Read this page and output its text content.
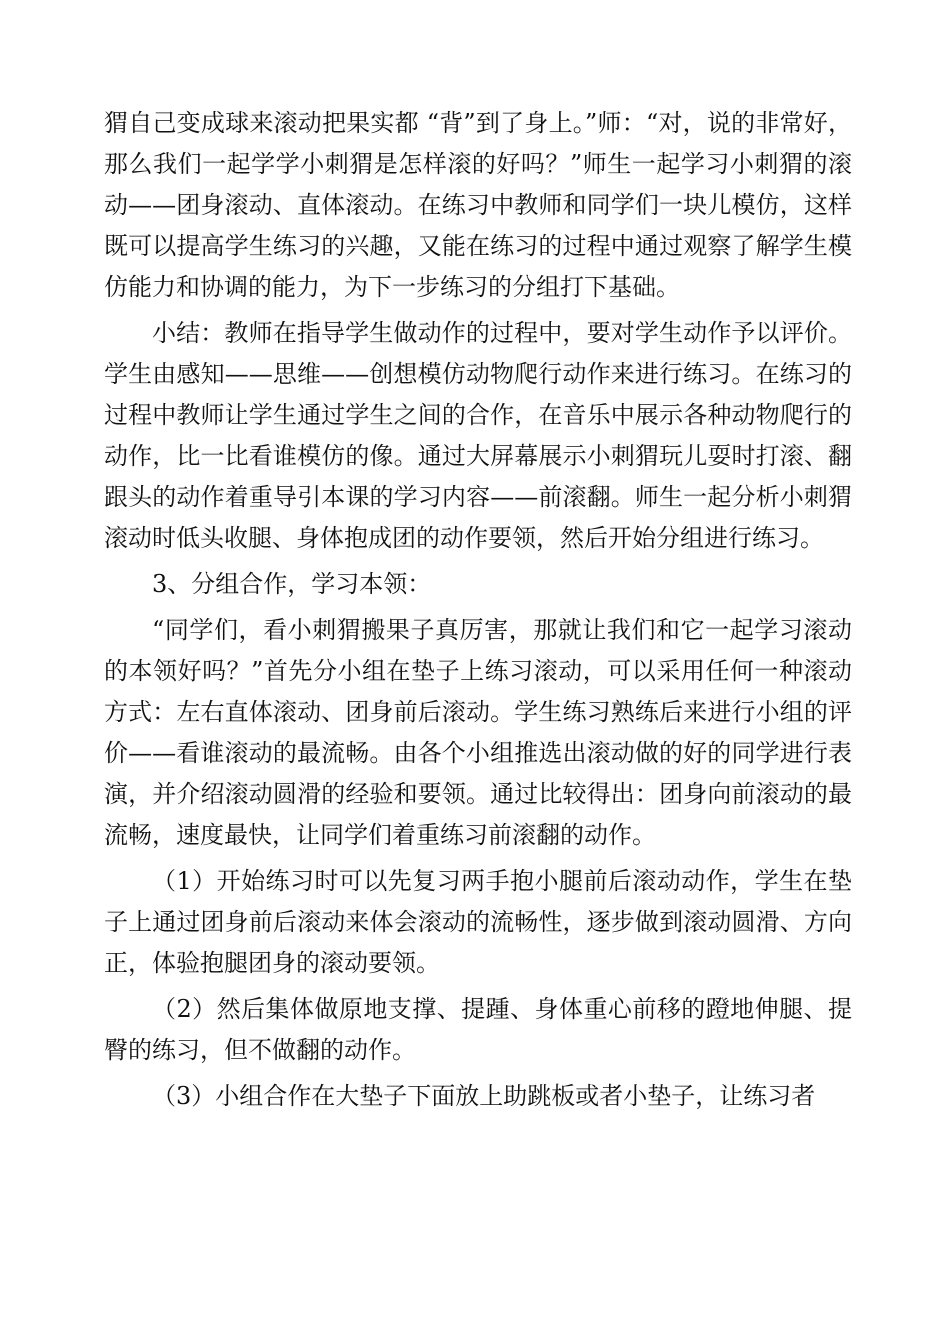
猬自己变成球来滚动把果实都 “背”到了身上。”师：“对，说的非常好，那么我们一起学学小刺猬是怎样滚的好吗？”师生一起学习小刺猬的滚动——团身滚动、直体滚动。在练习中教师和同学们一块儿模仿，这样既可以提高学生练习的兴趣，又能在练习的过程中通过观察了解学生模仿能力和协调的能力，为下一步练习的分组打下基础。

小结：教师在指导学生做动作的过程中，要对学生动作予以评价。学生由感知——思维——创想模仿动物爬行动作来进行练习。在练习的过程中教师让学生通过学生之间的合作，在音乐中展示各种动物爬行的动作，比一比看谁模仿的像。通过大屏幕展示小刺猬玩儿耍时打滚、翻跟头的动作着重导引本课的学习内容——前滚翻。师生一起分析小刺猬滚动时低头收腿、身体抱成团的动作要领，然后开始分组进行练习。

3、分组合作，学习本领：

“同学们，看小刺猬搬果子真厉害，那就让我们和它一起学习滚动的本领好吗？”首先分小组在垫子上练习滚动，可以采用任何一种滚动方式：左右直体滚动、团身前后滚动。学生练习熟练后来进行小组的评价——看谁滚动的最流畅。由各个小组推选出滚动做的好的同学进行表演，并介绍滚动圆滑的经验和要领。通过比较得出：团身向前滚动的最流畅，速度最快，让同学们着重练习前滚翻的动作。

（1）开始练习时可以先复习两手抱小腿前后滚动动作，学生在垫子上通过团身前后滚动来体会滚动的流畅性，逐步做到滚动圆滑、方向正，体验抱腿团身的滚动要领。

（2）然后集体做原地支撑、提踵、身体重心前移的蹬地伸腿、提臀的练习，但不做翻的动作。

（3）小组合作在大垫子下面放上助跳板或者小垫子，让练习者
